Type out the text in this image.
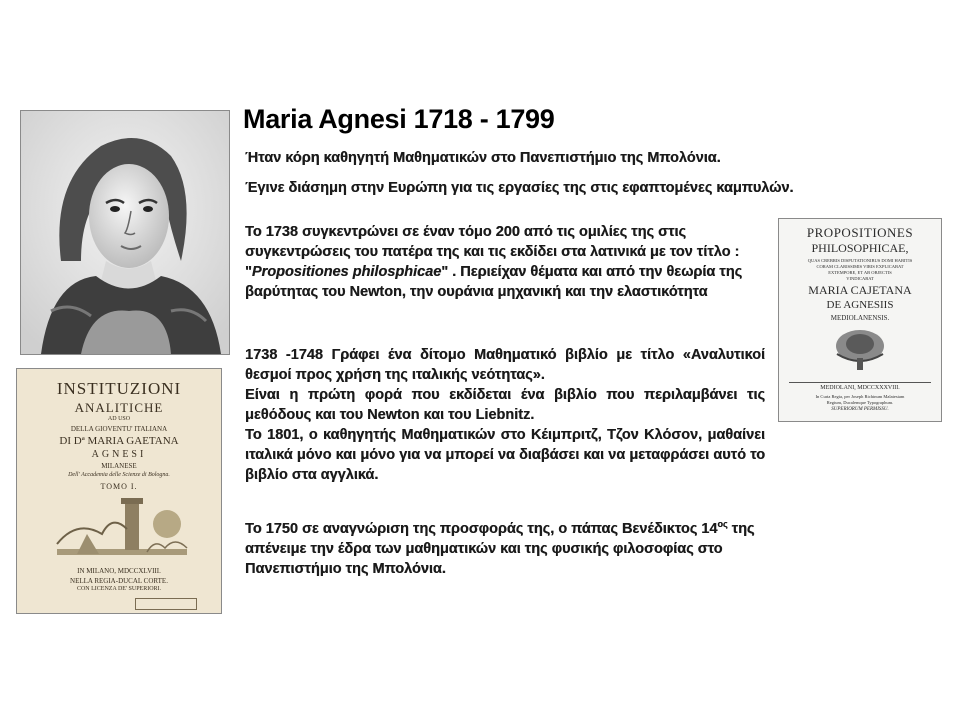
Maria Agnesi 1718 - 1799
Ήταν κόρη καθηγητή Μαθηματικών στο Πανεπιστήμιο της Μπολόνια.
Έγινε διάσημη στην Ευρώπη για τις εργασίες της στις εφαπτομένες καμπυλών.
Το 1738 συγκεντρώνει σε έναν τόμο 200 από τις ομιλίες της στις συγκεντρώσεις του πατέρα της και τις εκδίδει στα λατινικά με τον τίτλο : "Propositiones philosphicae" . Περιείχαν θέματα και από την θεωρία της βαρύτητας του Newton, την ουράνια μηχανική και την ελαστικότητα
1738 -1748 Γράφει ένα δίτομο Μαθηματικό βιβλίο με τίτλο «Αναλυτικοί θεσμοί προς χρήση της ιταλικής νεότητας».
Είναι η πρώτη φορά που εκδίδεται ένα βιβλίο που περιλαμβάνει τις μεθόδους και του Newton και του Liebnitz.
Το 1801, ο καθηγητής Μαθηματικών στο Κέιμπριτζ, Τζον Κλόσον, μαθαίνει ιταλικά μόνο και μόνο για να μπορεί να διαβάσει και να μεταφράσει αυτό το βιβλίο στα αγγλικά.
Το 1750 σε αναγνώριση της προσφοράς της, ο πάπας Βενέδικτος $14^{o\varsigma}$ της απένειμε την έδρα των μαθηματικών και της φυσικής φιλοσοφίας στο Πανεπιστήμιο της Μπολόνια.
INSTITUZIONI
ANALITICHE
AD USO
DELLA GIOVENTU' ITALIANA
DI Dª MARIA GAETANA
AGNESI
MILANESE
Dell' Accademia delle Scienze di Bologna.
TOMO I.
IN MILANO, MDCCXLVIII.
NELLA REGIA-DUCAL CORTE.
CON LICENZA DE' SUPERIORI.
PROPOSITIONES
PHILOSOPHICAE,
QUAS CREBRIS DISPUTATIONIBUS DOMI HABITIS
CORAM CLARISSIMIS VIRIS EXPLICABAT
EXTEMPORE, ET AB OBJECTIS
VINDICABAT
MARIA CAJETANA
DE AGNESIIS
MEDIOLANENSIS.
MEDIOLANI, MDCCXXXVIII.
In Curia Regia, per Joseph Richinum Malatestam
Regium, Ducalemque Typographum.
SUPERIORUM PERMISSU.
